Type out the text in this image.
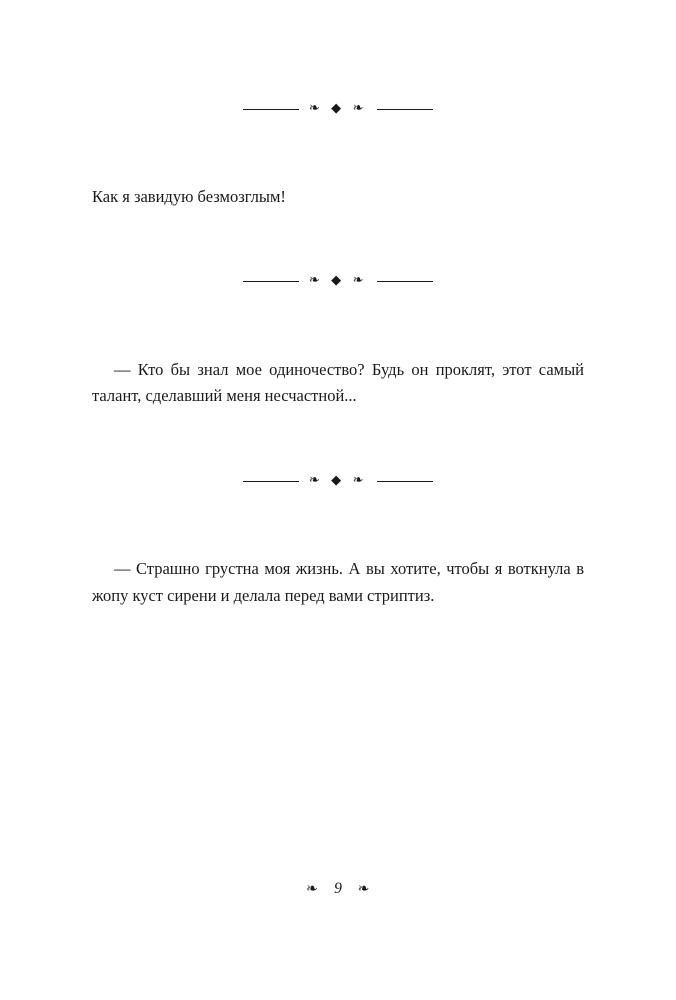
❧ ◆ ❧

Как я завидую безмозглым!

❧ ◆ ❧

— Кто бы знал мое одиночество? Будь он проклят, этот самый талант, сделавший меня несчастной...

❧ ◆ ❧

— Страшно грустна моя жизнь. А вы хотите, чтобы я воткнула в жопу куст сирени и делала перед вами стриптиз.

❧ 9 ❧
